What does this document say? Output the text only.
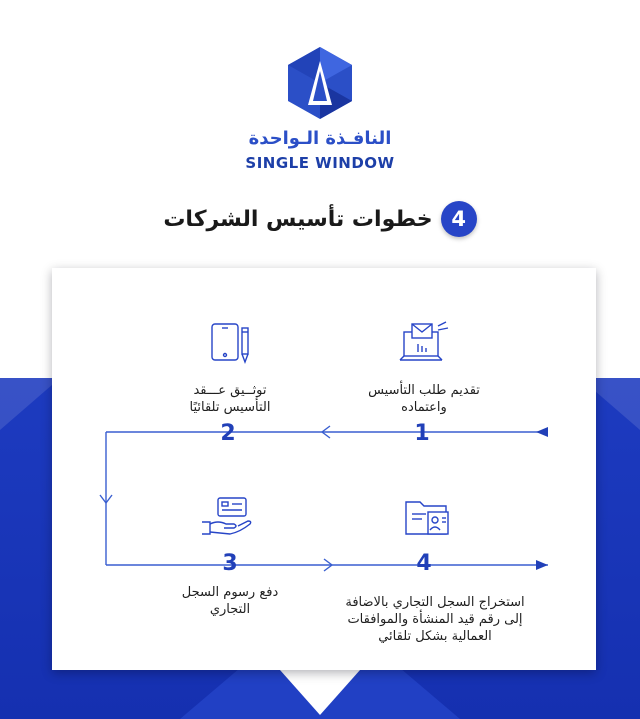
النافـذة الـواحدة
SINGLE WINDOW
خطوات تأسيس الشركات 4
تقديم طلب التأسيس
واعتماده
1
توثــيق عـــقد
التأسيس تلقائيًا
2
دفع رسوم السجل
التجاري
3
استخراج السجل التجاري بالاضافة
إلى رقم قيد المنشأة والموافقات
العمالية بشكل تلقائي
4
